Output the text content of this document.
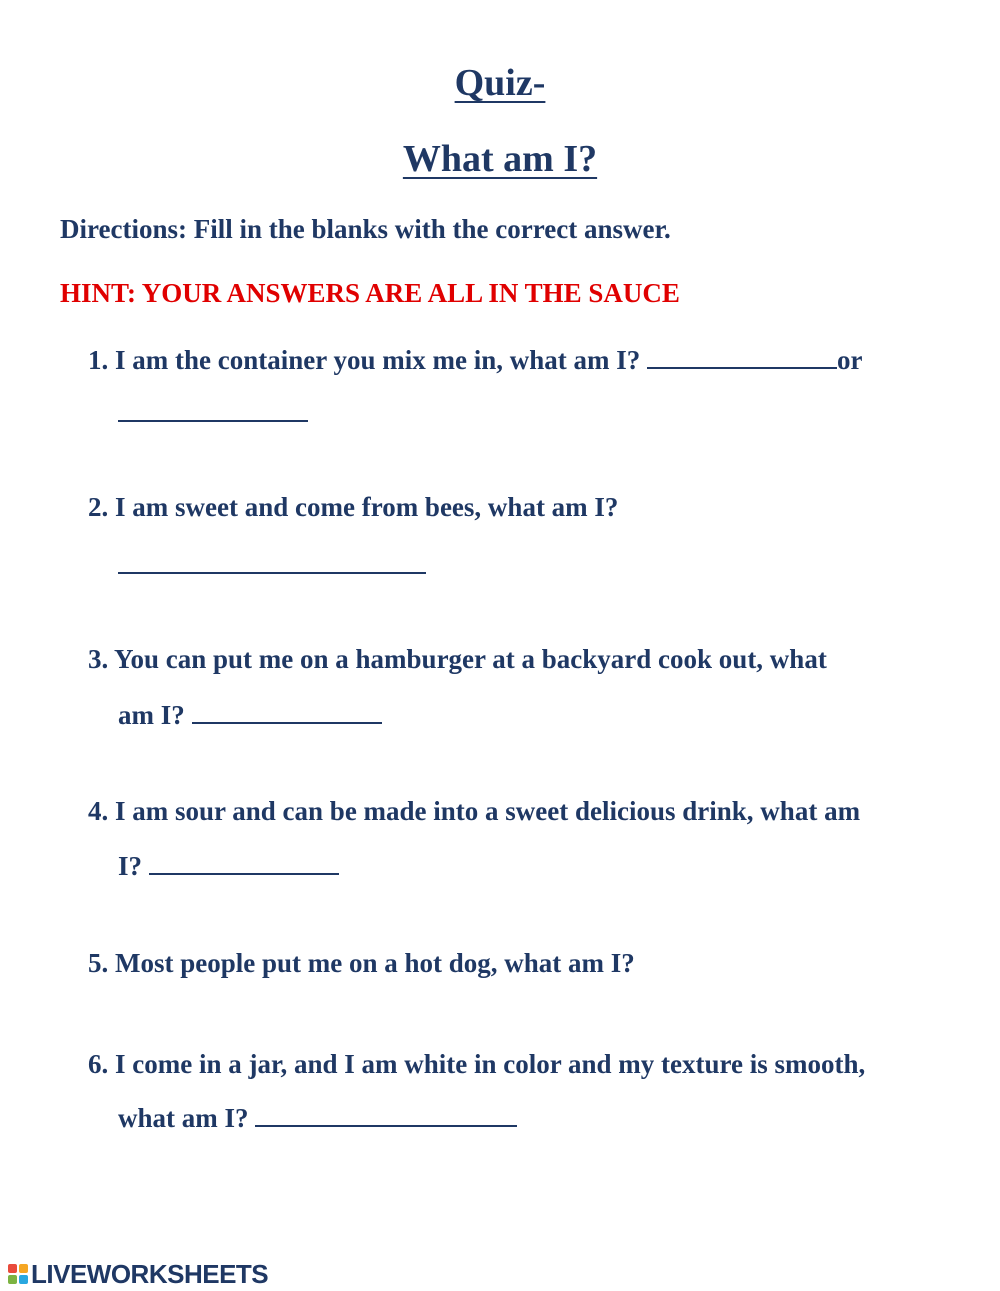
Quiz-
What am I?
Directions: Fill in the blanks with the correct answer.
HINT: YOUR ANSWERS ARE ALL IN THE SAUCE
1. I am the container you mix me in, what am I?	or
2. I am sweet and come from bees, what am I?
3. You can put me on a hamburger at a backyard cook out, what
am I?
4. I am sour and can be made into a sweet delicious drink, what am
I?
5. Most people put me on a hot dog, what am I?
6. I come in a jar, and I am white in color and my texture is smooth,
what am I?
LIVEWORKSHEETS
